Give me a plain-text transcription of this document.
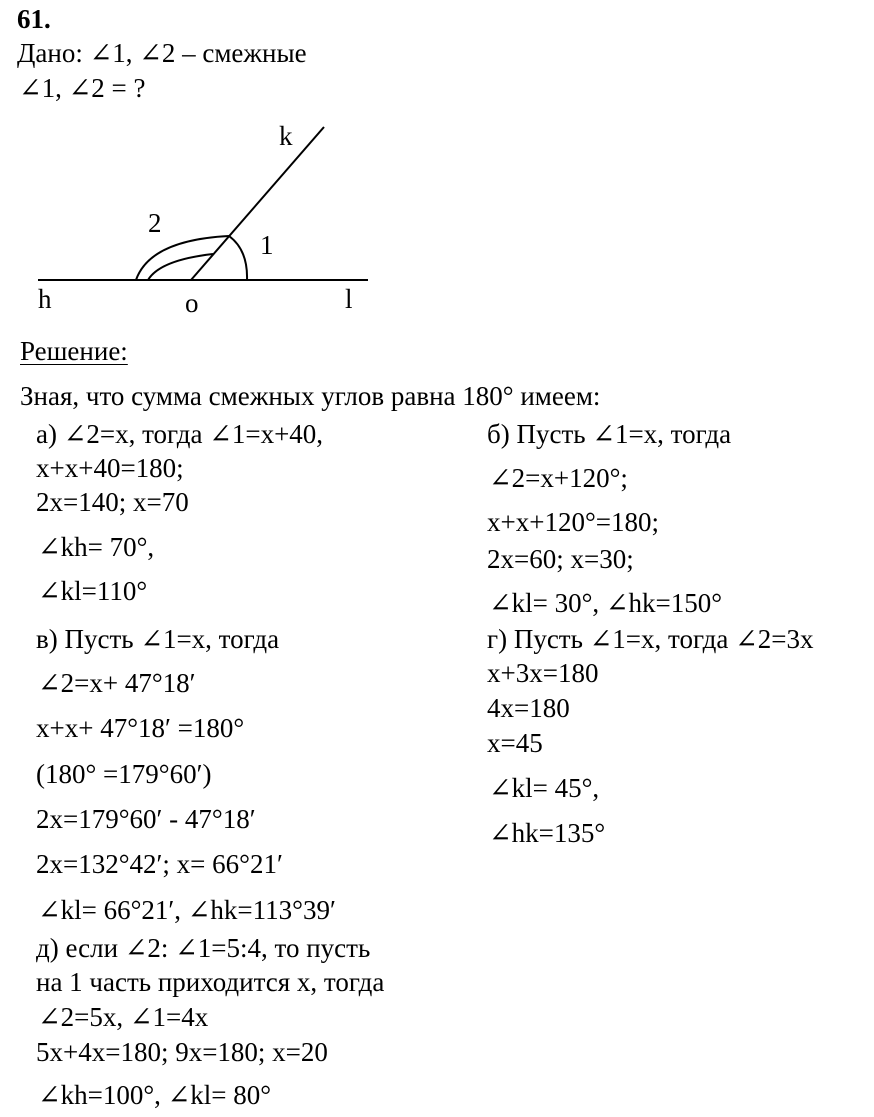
61.
Дано: ∠1, ∠2 – смежные
∠1, ∠2 = ?
k
2
1
h	o	l
Решение:
Зная, что сумма смежных углов равна 180° имеем:
а) ∠2=x, тогда ∠1=x+40,
x+x+40=180;
2x=140; x=70
∠kh= 70°,
∠kl=110°
б) Пусть ∠1=x, тогда
∠2=x+120°;
x+x+120°=180;
2x=60; x=30;
∠kl= 30°, ∠hk=150°
в) Пусть ∠1=x, тогда
∠2=x+ 47°18′
x+x+ 47°18′ =180°
(180° =179°60′)
2x=179°60′ - 47°18′
2x=132°42′; x= 66°21′
∠kl= 66°21′, ∠hk=113°39′
г) Пусть ∠1=x, тогда ∠2=3x
x+3x=180
4x=180
x=45
∠kl= 45°,
∠hk=135°
д) если ∠2: ∠1=5:4, то пусть
на 1 часть приходится x, тогда
∠2=5x, ∠1=4x
5x+4x=180; 9x=180; x=20
∠kh=100°, ∠kl= 80°
